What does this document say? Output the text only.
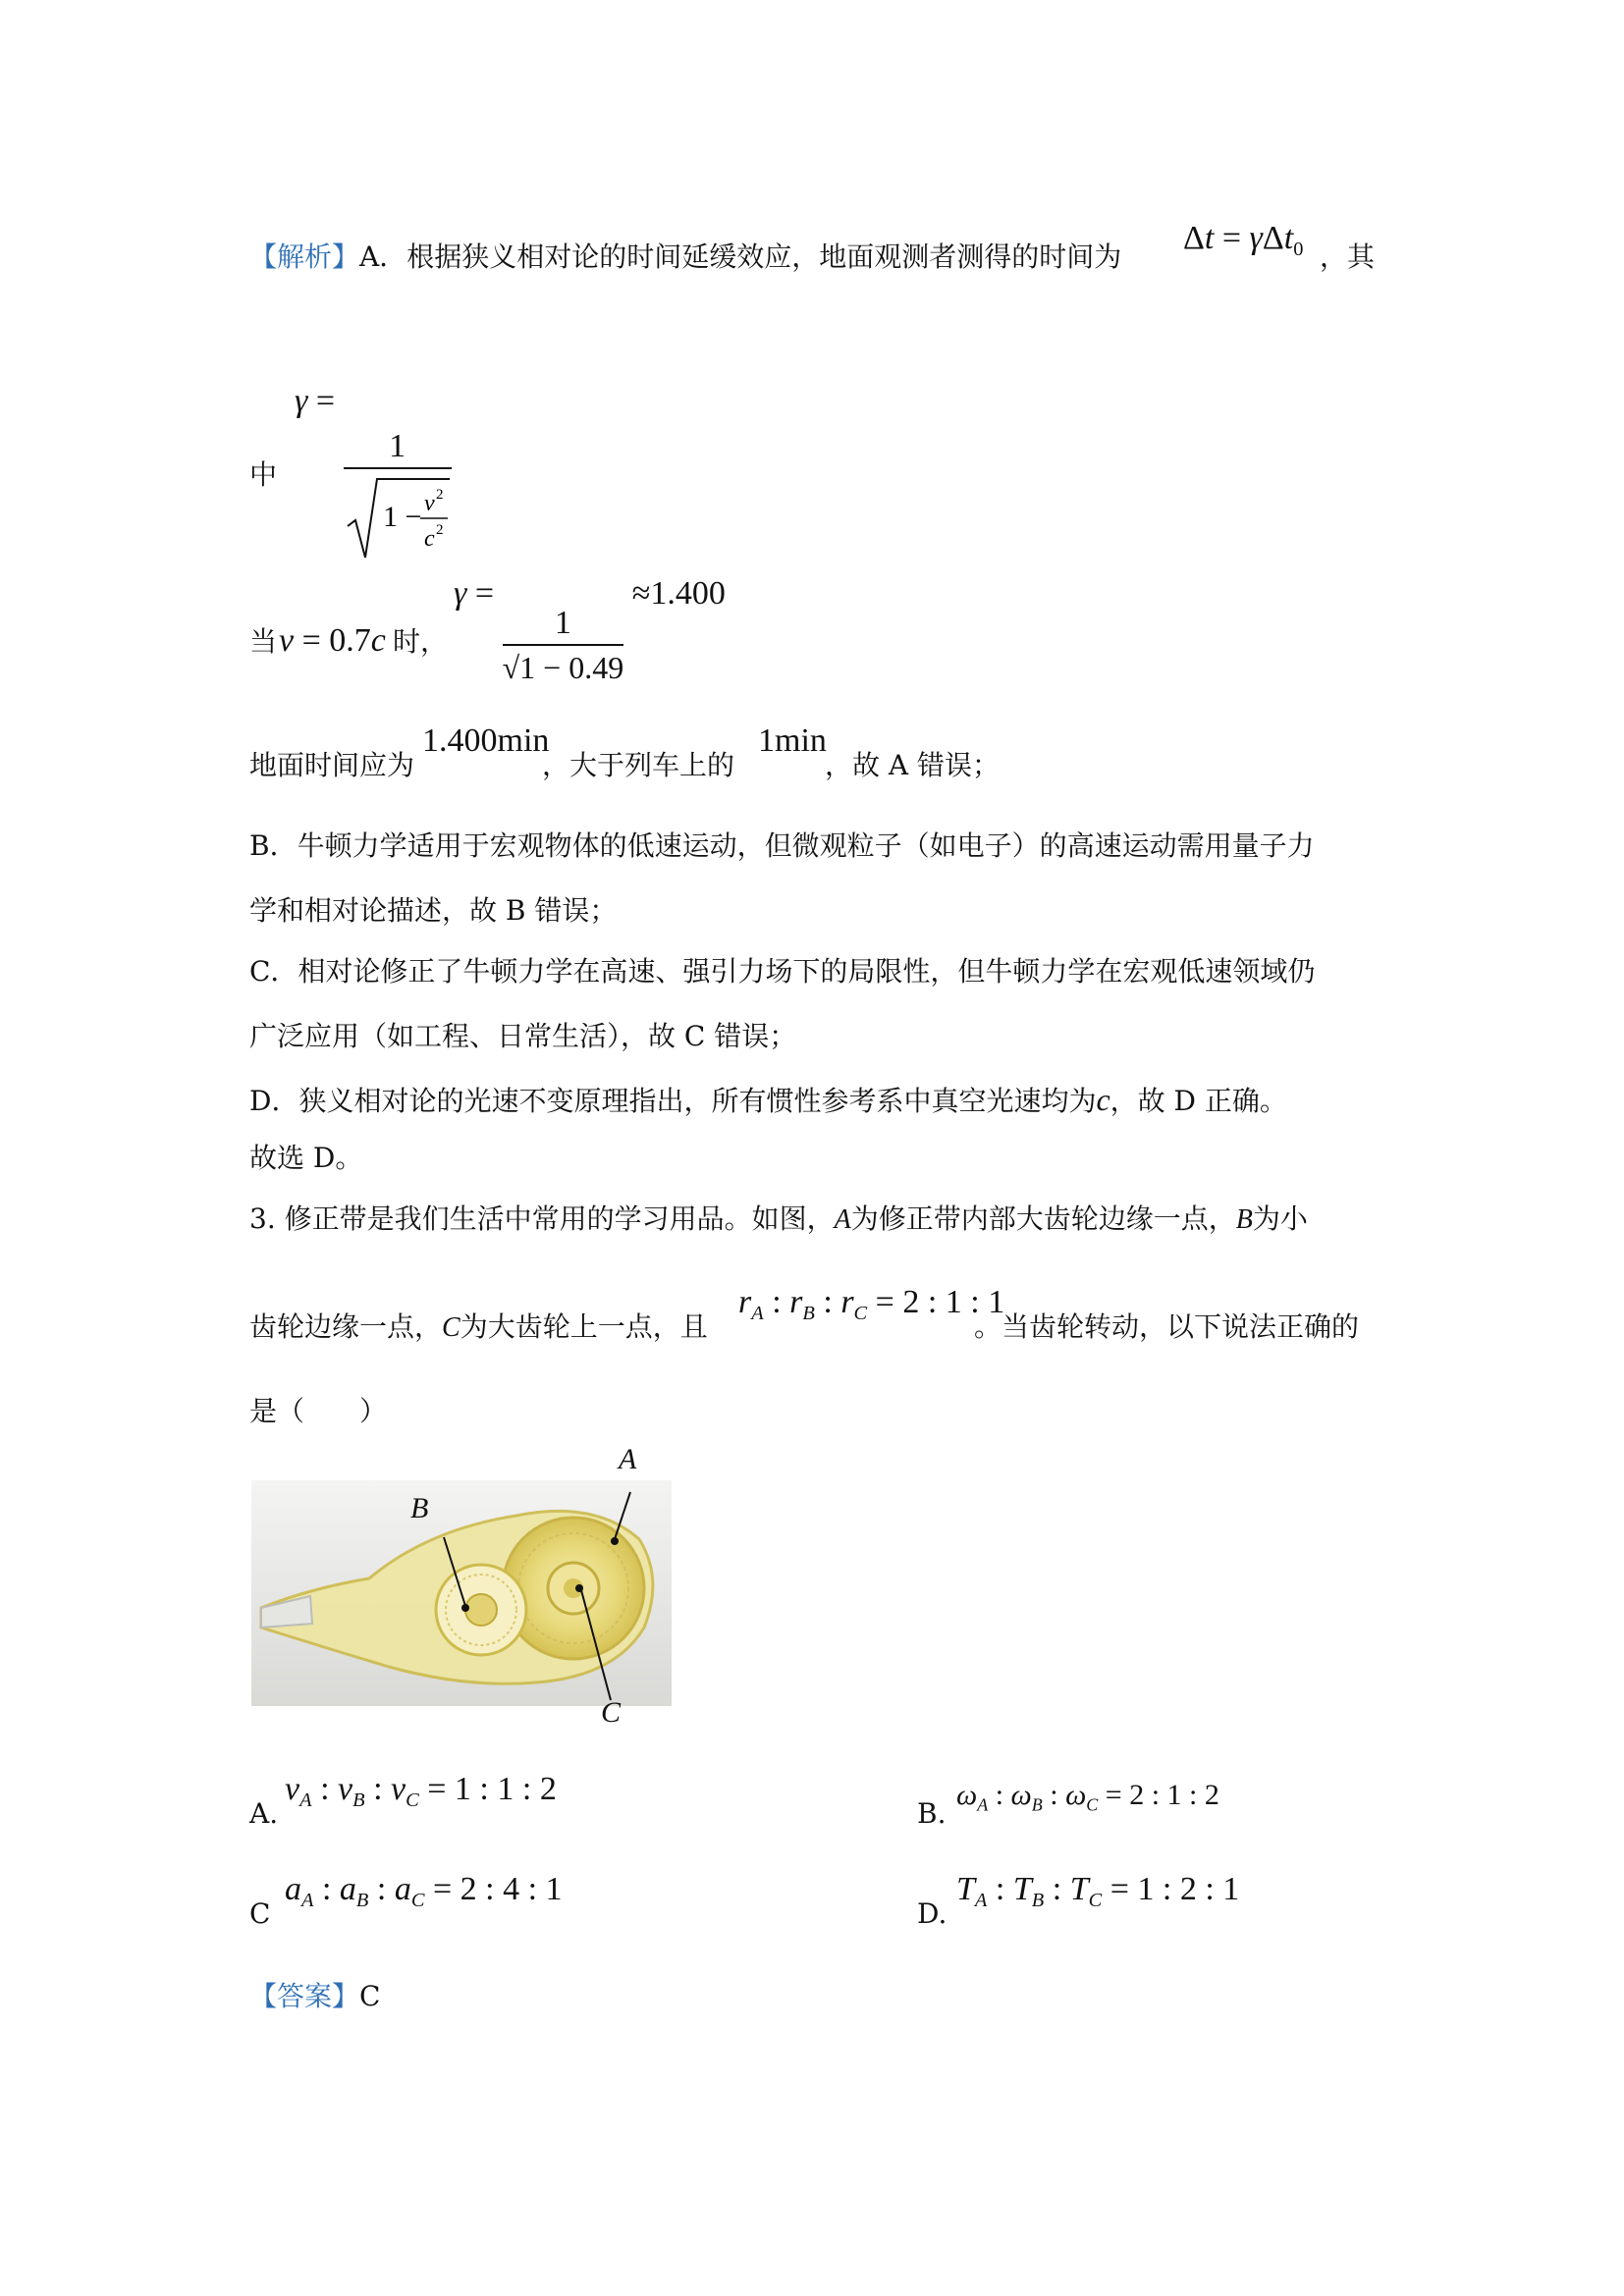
【解析】A．根据狭义相对论的时间延缓效应，地面观测者测得的时间为
Δt = γΔt$_0$ ，其
中
γ =
1
1 − v 2
c 2
当 v = 0.7c 时，
γ =
$\frac{1}{√1 - 0.49}$
≈1.400
地面时间应为
1.400min
，大于列车上的
1min
，故 A 错误；
B．牛顿力学适用于宏观物体的低速运动，但微观粒子（如电子）的高速运动需用量子力
学和相对论描述，故 B 错误；
C．相对论修正了牛顿力学在高速、强引力场下的局限性，但牛顿力学在宏观低速领域仍
广泛应用（如工程、日常生活），故 C 错误；
D．狭义相对论的光速不变原理指出，所有惯性参考系中真空光速均为c，故 D 正确。
故选 D。
3. 修正带是我们生活中常用的学习用品。如图，A为修正带内部大齿轮边缘一点，B为小
齿轮边缘一点，C为大齿轮上一点，且
$r_A$ : $r_B$ : $r_C = 2$ : 1 : 1
。当齿轮转动，以下说法正确的
是（　　）
A
B
C
A.
$v_A$ : $v_B$ : $v_C = 1$ : 1 : 2
B.
$\omega_A$ : $\omega_B$ : $\omega_C = 2$ : 1 : 2
C
$a_A$ : $a_B$ : $a_C = 2$ : 4 : 1
D.
$T_A$ : $T_B$ : $T_C = 1$ : 2 : 1
【答案】C
